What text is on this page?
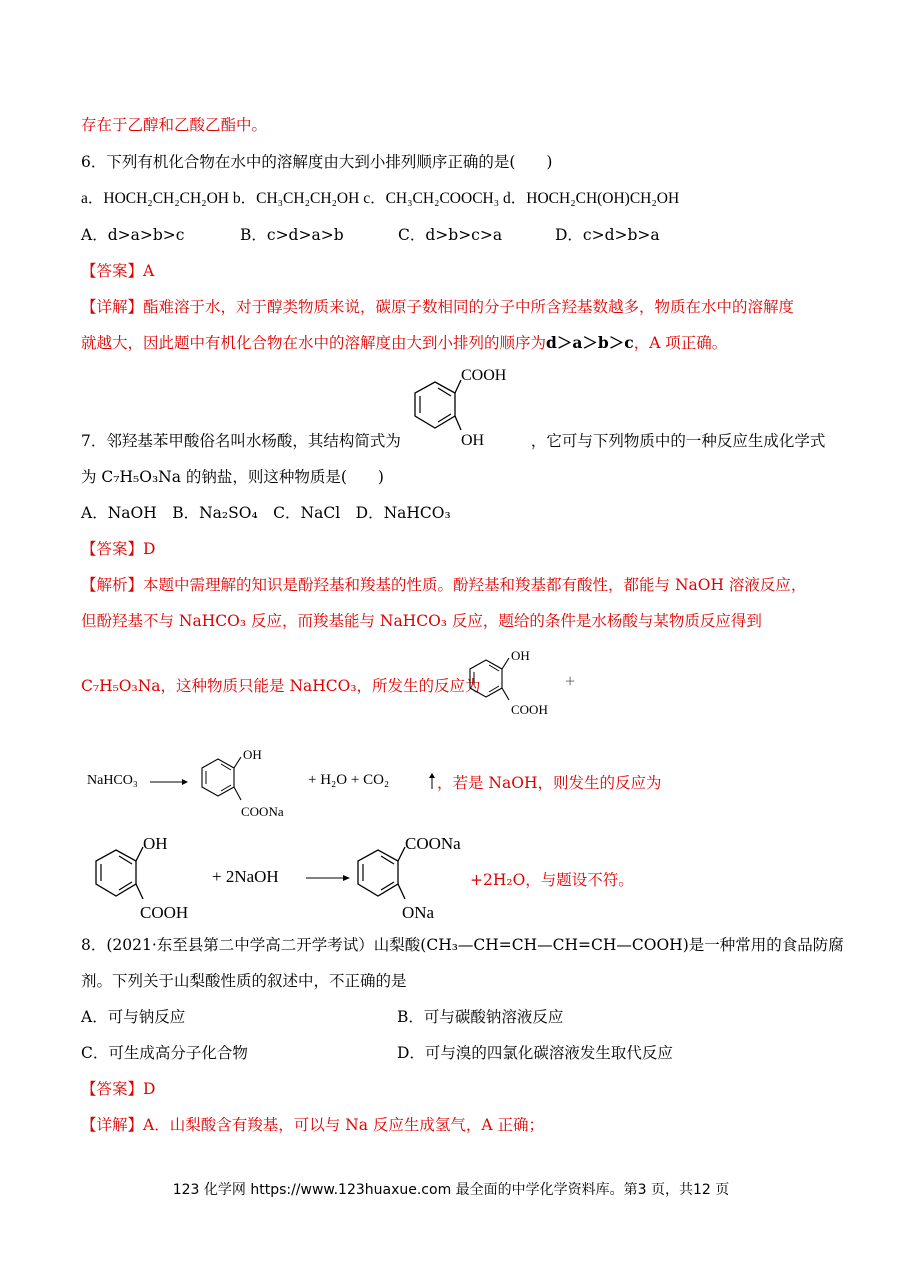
存在于乙醇和乙酸乙酯中。
6．下列有机化合物在水中的溶解度由大到小排列顺序正确的是(　　)
a．HOCH₂CH₂CH₂OH b．CH₃CH₂CH₂OH c．CH₃CH₂COOCH₃ d．HOCH₂CH(OH)CH₂OH
A．d>a>b>c	B．c>d>a>b	C．d>b>c>a	D．c>d>b>a
【答案】A
【详解】酯难溶于水，对于醇类物质来说，碳原子数相同的分子中所含羟基数越多，物质在水中的溶解度
就越大，因此题中有机化合物在水中的溶解度由大到小排列的顺序为d＞a＞b＞c，A 项正确。
COOH
OH
7．邻羟基苯甲酸俗名叫水杨酸，其结构简式为	，它可与下列物质中的一种反应生成化学式
为 C₇H₅O₃Na 的钠盐，则这种物质是(　　)
A．NaOH　B．Na₂SO₄　C．NaCl　D．NaHCO₃
【答案】D
【解析】本题中需理解的知识是酚羟基和羧基的性质。酚羟基和羧基都有酸性，都能与 NaOH 溶液反应，
但酚羟基不与 NaHCO₃ 反应，而羧基能与 NaHCO₃ 反应，题给的条件是水杨酸与某物质反应得到
C₇H₅O₃Na，这种物质只能是 NaHCO₃，所发生的反应为
OH
COOH
+
NaHCO₃ →
OH
COONa
+ H₂O + CO₂	，若是 NaOH，则发生的反应为
OH
COOH
+ 2NaOH
COONa
ONa
+2H₂O，与题设不符。
8．(2021·东至县第二中学高二开学考试）山梨酸(CH₃—CH=CH—CH=CH—COOH)是一种常用的食品防腐
剂。下列关于山梨酸性质的叙述中，不正确的是
A．可与钠反应	B．可与碳酸钠溶液反应
C．可生成高分子化合物	D．可与溴的四氯化碳溶液发生取代反应
【答案】D
【详解】A．山梨酸含有羧基，可以与 Na 反应生成氢气，A 正确；
123 化学网 https://www.123huaxue.com 最全面的中学化学资料库。第3 页，共12 页
